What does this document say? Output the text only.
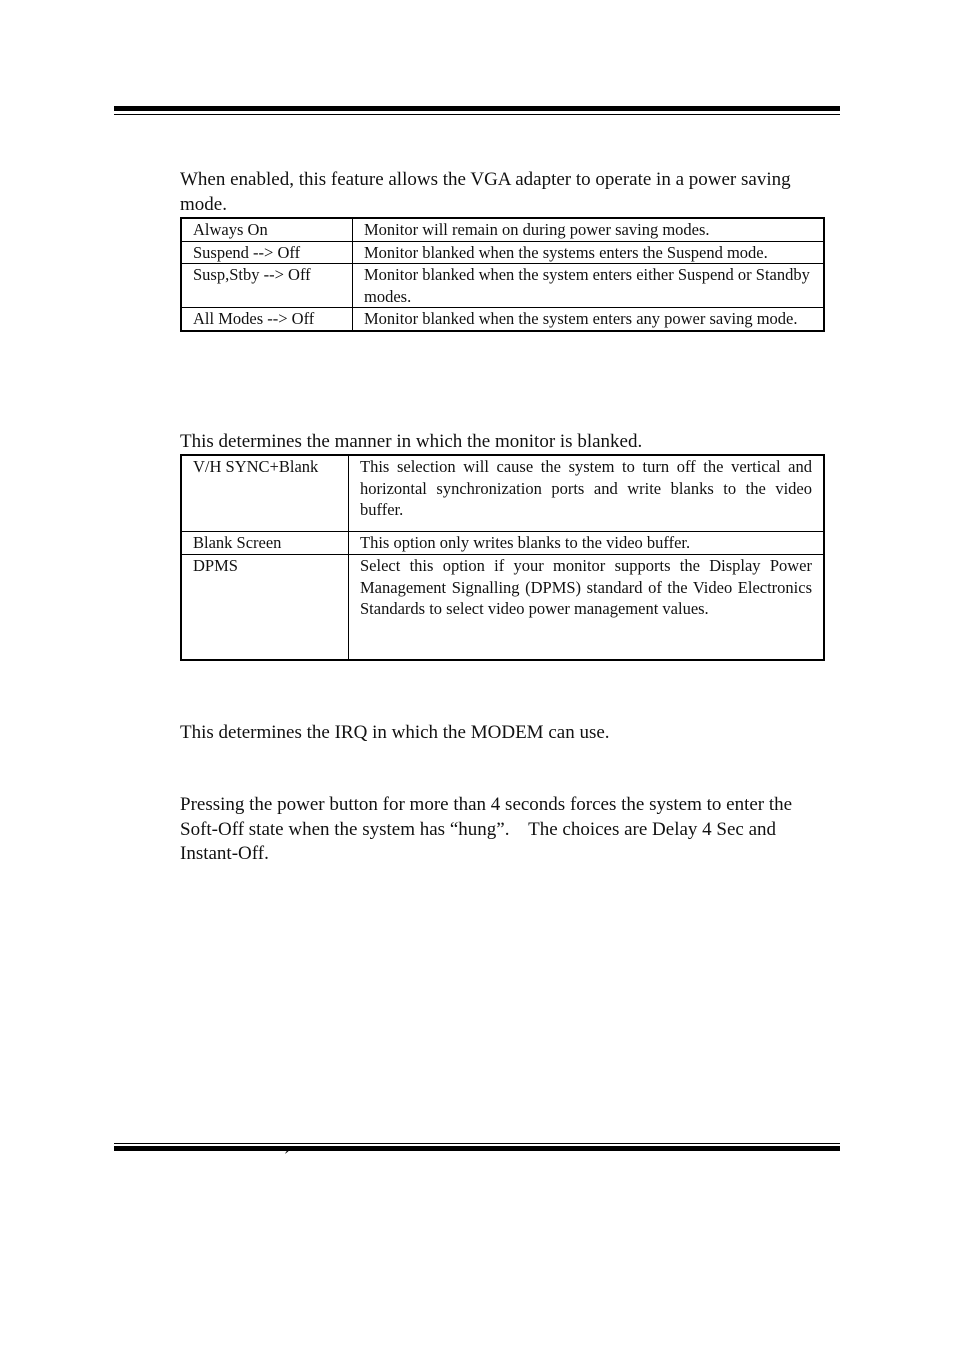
When enabled, this feature allows the VGA adapter to operate in a power saving mode.

Always On	Monitor will remain on during power saving modes.
Suspend --> Off	Monitor blanked when the systems enters the Suspend mode.
Susp,Stby --> Off	Monitor blanked when the system enters either Suspend or Standby modes.
All Modes --> Off	Monitor blanked when the system enters any power saving mode.

This determines the manner in which the monitor is blanked.

V/H SYNC+Blank	This selection will cause the system to turn off the vertical and horizontal synchronization ports and write blanks to the video buffer.
Blank Screen	This option only writes blanks to the video buffer.
DPMS	Select this option if your monitor supports the Display Power Management Signalling (DPMS) standard of the Video Electronics Standards to select video power management values.

This determines the IRQ in which the MODEM can use.

Pressing the power button for more than 4 seconds forces the system to enter the Soft-Off state when the system has “hung”.    The choices are Delay 4 Sec and Instant-Off.

´
